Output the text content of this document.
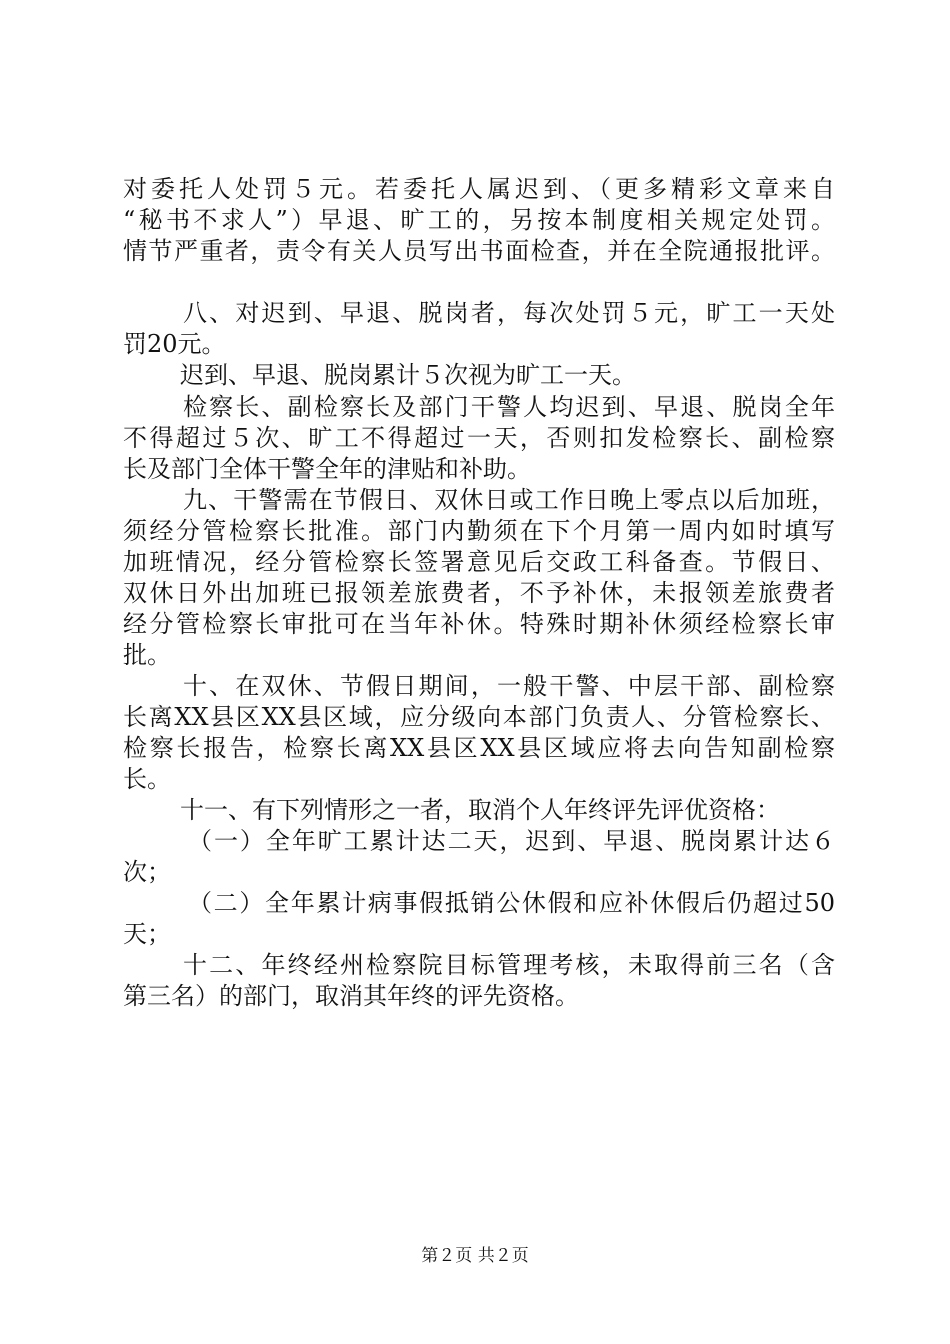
对委托人处罚５元。若委托人属迟到、（更多精彩文章来自
“秘书不求人”）早退、旷工的，另按本制度相关规定处罚。
情节严重者，责令有关人员写出书面检查，并在全院通报批评。
八、对迟到、早退、脱岗者，每次处罚５元，旷工一天处
罚20元。
迟到、早退、脱岗累计５次视为旷工一天。
检察长、副检察长及部门干警人均迟到、早退、脱岗全年
不得超过５次、旷工不得超过一天，否则扣发检察长、副检察
长及部门全体干警全年的津贴和补助。
九、干警需在节假日、双休日或工作日晚上零点以后加班，
须经分管检察长批准。部门内勤须在下个月第一周内如时填写
加班情况，经分管检察长签署意见后交政工科备查。节假日、
双休日外出加班已报领差旅费者，不予补休，未报领差旅费者
经分管检察长审批可在当年补休。特殊时期补休须经检察长审
批。
十、在双休、节假日期间，一般干警、中层干部、副检察
长离XX县区XX县区域，应分级向本部门负责人、分管检察长、
检察长报告，检察长离XX县区XX县区域应将去向告知副检察
长。
十一、有下列情形之一者，取消个人年终评先评优资格：
（一）全年旷工累计达二天，迟到、早退、脱岗累计达６
次；
（二）全年累计病事假抵销公休假和应补休假后仍超过50
天；
十二、年终经州检察院目标管理考核，未取得前三名（含
第三名）的部门，取消其年终的评先资格。
第２页 共２页
